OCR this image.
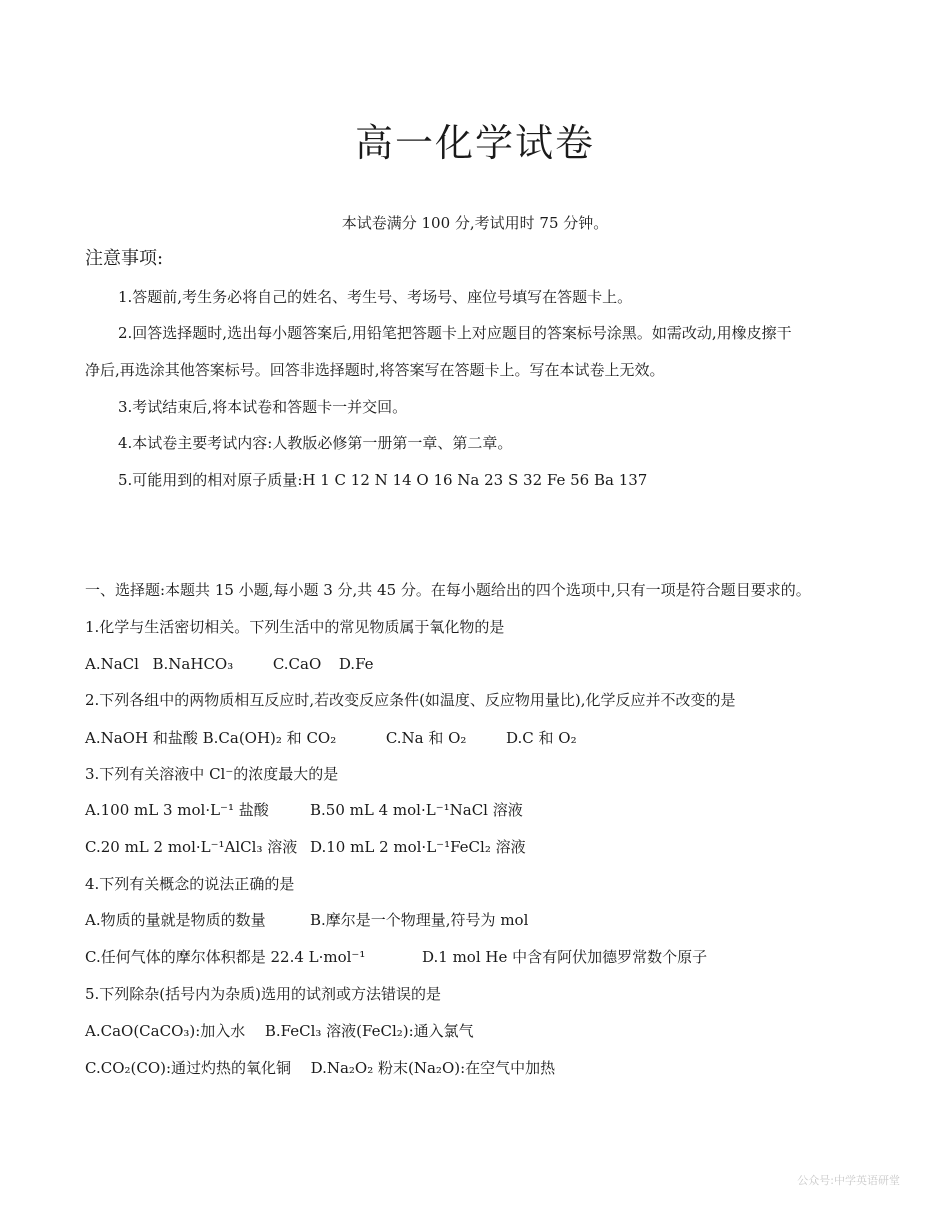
高一化学试卷
本试卷满分 100 分,考试用时 75 分钟。
注意事项:
1.答题前,考生务必将自己的姓名、考生号、考场号、座位号填写在答题卡上。
2.回答选择题时,选出每小题答案后,用铅笔把答题卡上对应题目的答案标号涂黑。如需改动,用橡皮擦干
净后,再选涂其他答案标号。回答非选择题时,将答案写在答题卡上。写在本试卷上无效。
3.考试结束后,将本试卷和答题卡一并交回。
4.本试卷主要考试内容:人教版必修第一册第一章、第二章。
5.可能用到的相对原子质量:H 1 C 12 N 14 O 16 Na 23 S 32 Fe 56 Ba 137
一、选择题:本题共 15 小题,每小题 3 分,共 45 分。在每小题给出的四个选项中,只有一项是符合题目要求的。
1.化学与生活密切相关。下列生活中的常见物质属于氧化物的是
A.NaCl B.NaHCO₃	C.CaO D.Fe
2.下列各组中的两物质相互反应时,若改变反应条件(如温度、反应物用量比),化学反应并不改变的是
A.NaOH 和盐酸 B.Ca(OH)₂ 和 CO₂	C.Na 和 O₂	D.C 和 O₂
3.下列有关溶液中 Cl⁻的浓度最大的是
A.100 mL 3 mol·L⁻¹ 盐酸	B.50 mL 4 mol·L⁻¹NaCl 溶液
C.20 mL 2 mol·L⁻¹AlCl₃ 溶液 D.10 mL 2 mol·L⁻¹FeCl₂ 溶液
4.下列有关概念的说法正确的是
A.物质的量就是物质的数量	B.摩尔是一个物理量,符号为 mol
C.任何气体的摩尔体积都是 22.4 L·mol⁻¹	D.1 mol He 中含有阿伏加德罗常数个原子
5.下列除杂(括号内为杂质)选用的试剂或方法错误的是
A.CaO(CaCO₃):加入水 B.FeCl₃ 溶液(FeCl₂):通入氯气
C.CO₂(CO):通过灼热的氧化铜 D.Na₂O₂ 粉末(Na₂O):在空气中加热
公众号:中学英语研堂
